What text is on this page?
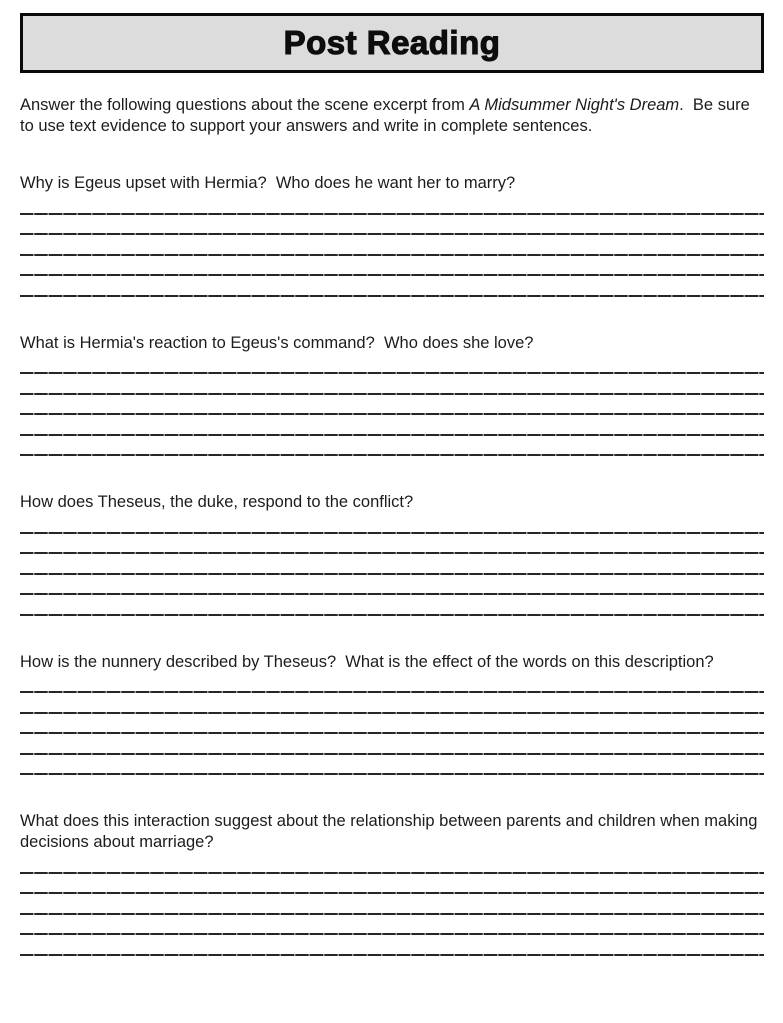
Post Reading

Answer the following questions about the scene excerpt from A Midsummer Night's Dream.  Be sure to use text evidence to support your answers and write in complete sentences.

Why is Egeus upset with Hermia?  Who does he want her to marry?

What is Hermia's reaction to Egeus's command?  Who does she love?

How does Theseus, the duke, respond to the conflict?

How is the nunnery described by Theseus?  What is the effect of the words on this description?

What does this interaction suggest about the relationship between parents and children when making decisions about marriage?
